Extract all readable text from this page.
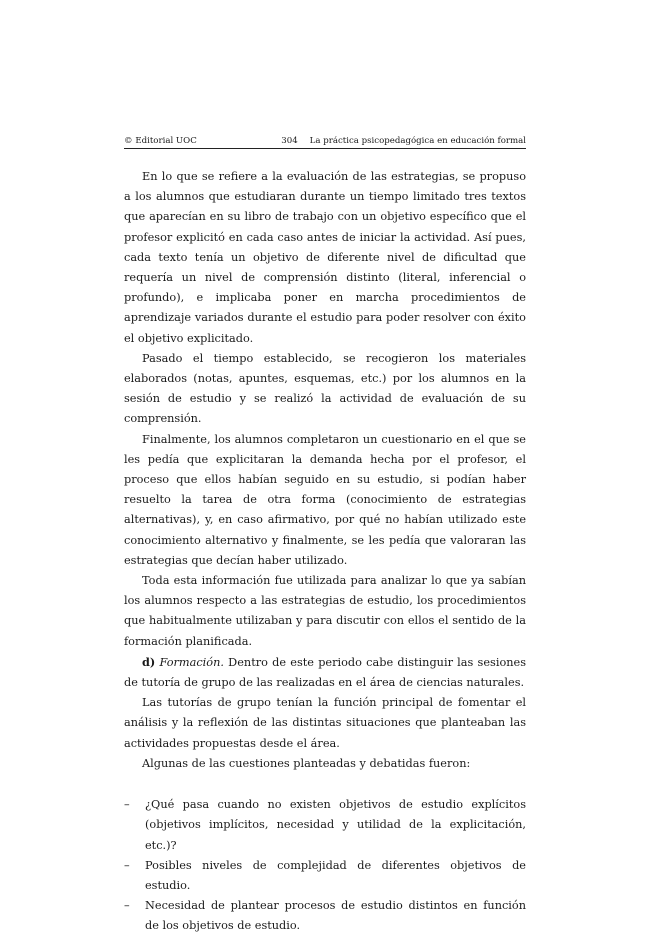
© Editorial UOC	304 La práctica psicopedagógica en educación formal

En lo que se refiere a la evaluación de las estrategias, se propuso a los alumnos que estudiaran durante un tiempo limitado tres textos que aparecían en su libro de trabajo con un objetivo específico que el profesor explicitó en cada caso antes de iniciar la actividad. Así pues, cada texto tenía un objetivo de diferente nivel de dificultad que requería un nivel de comprensión distinto (literal, inferencial o profundo), e implicaba poner en marcha procedimientos de aprendizaje variados durante el estudio para poder resolver con éxito el objetivo explicitado.

Pasado el tiempo establecido, se recogieron los materiales elaborados (notas, apuntes, esquemas, etc.) por los alumnos en la sesión de estudio y se realizó la actividad de evaluación de su comprensión.

Finalmente, los alumnos completaron un cuestionario en el que se les pedía que explicitaran la demanda hecha por el profesor, el proceso que ellos habían seguido en su estudio, si podían haber resuelto la tarea de otra forma (conocimiento de estrategias alternativas), y, en caso afirmativo, por qué no habían utilizado este conocimiento alternativo y finalmente, se les pedía que valoraran las estrategias que decían haber utilizado.

Toda esta información fue utilizada para analizar lo que ya sabían los alumnos respecto a las estrategias de estudio, los procedimientos que habitualmente utilizaban y para discutir con ellos el sentido de la formación planificada.

d) Formación. Dentro de este periodo cabe distinguir las sesiones de tutoría de grupo de las realizadas en el área de ciencias naturales.

Las tutorías de grupo tenían la función principal de fomentar el análisis y la reflexión de las distintas situaciones que planteaban las actividades propuestas desde el área.

Algunas de las cuestiones planteadas y debatidas fueron:

– ¿Qué pasa cuando no existen objetivos de estudio explícitos (objetivos implícitos, necesidad y utilidad de la explicitación, etc.)?
– Posibles niveles de complejidad de diferentes objetivos de estudio.
– Necesidad de plantear procesos de estudio distintos en función de los objetivos de estudio.
